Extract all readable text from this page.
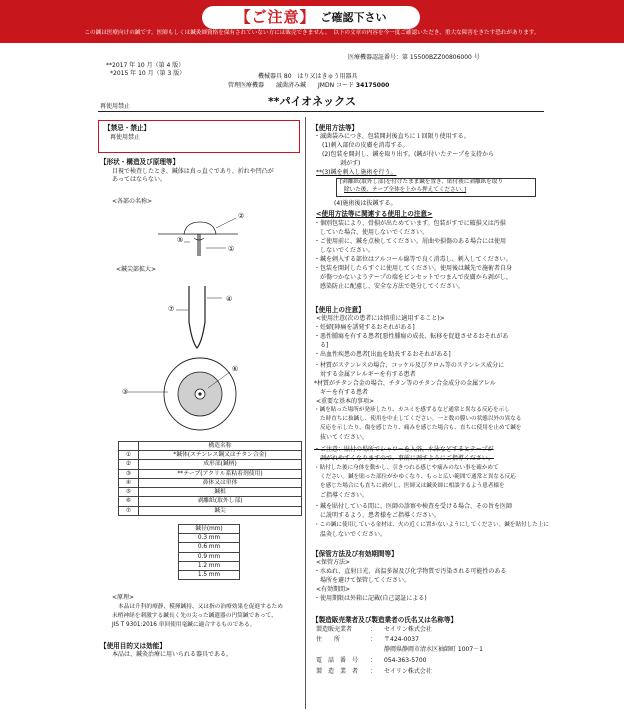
【ご注意】 ご確認下さい
この鍼は医療向けの鍼です。医師もしくは鍼灸師資格を保有されていない方には販売できません。　以下の文章の内容を今一度ご確認いただき、重大な障害をきたす恐れがあります。
医療機器認証番号：第 15500BZZ00806000 号
**2017 年 10 月（第 4 版）
*2015 年 10 月（第 3 版）	機械器具 80　はり又はきゅう用器具
管理医療機器　　滅菌済み鍼　　JMDN コード 34175000
再使用禁止	**パイオネックス
【禁忌・禁止】
再使用禁止
【形状・構造及び原理等】
目視で検査したとき、鍼体は真っ直ぐであり、折れや凹凸が
あってはならない。
<各部の名称>
②
⑤
①
<鍼尖部拡大>
④
⑦
③
⑥
	構造名称
①	*鍼体(ステンレス鋼又はチタン合金)
②	成形部(鍼柄)
③	**テープ(アクリル系粘着剤使用)
④	鼻体又は単体
⑤	鍼根
⑥	剥離紙(取外し部)
⑦	鍼尖
鍼径(mm)
0.3 mm
0.6 mm
0.9 mm
1.2 mm
1.5 mm
<原理>
本品は升科的療静、模揮鍼持、又は指の治療効果を促進するため
未梢神経を刺激する鍼長く先の尖った鍼遺器の円筒鍼であって、
JIS T 9301:2016 単回使用毫鍼に適合するものである。
【使用目的又は効能】
本品は、鍼灸治療に用いられる器具である。
【使用方法等】
・滅菌袋みにつき、包装開封後直ちに１回限り使用する。
(1)刺入部位の皮膚を消毒する。
(2)包装を開封し、鍼を取り出す。(鍼が付いたテープを支持から
剥がす)
**(3)鍼を刺入し施術を行う。
[剥離紙(取外し部)を付けたまま鍼を置き、貼付後に剥離紙を取り
除いた後、テープ全体を上から押えてください。]
(4)施術後は抜鍼する。
<使用方法等に関連する使用上の注意>
・個別包装により、骨損が出ためています。包装がすでに破損又は汚損
していた場合、使用しないでください。
・ご使用前に、鍼を点検してください。屑曲や損傷のある場合には使用
しないでください。
・鍼を刺入する部位はアルコール綿等で良く消毒し、刺入してください。
・包装を開封したらすぐに使用してください。使用後は鍼先で施術者自身
が傷つかないようテープの端をピンセットでつまんで皮膚から剥がし、
感染防止に配慮し、安全な方法で処分してください。
【使用上の注意】
<使用注意(次の患者には慎重に適用すること)>
・妊婦[陣痛を誘発するおそれがある]
・悪性腫瘍を有する患者[悪性腫瘍の成長、転移を促進させるおそれがあ
る]
・出血性疾患の患者[出血を助長するおそれがある]
・材質がステンレスの場合、コッケル及びクロム等のステンレス成分に
対する金属アレルギーを有する患者
*材質がチタン合金の場合、チタン等のチタン合金成分の金属アレル
ギーを有する患者
<重要な基本的事項>
・鍼を貼った場所が発疹したり、カユミを感ずるなど通常と異なる反応を示し
た時直ちに抜鍼し、使用を中止してください。一と数の膜いの状態以外の異なる
反応を示したり、傷を感じたり、痛みを感じた場合も、直ちに使用を止めて鍼を
抜いてください。
・ご注意：貼付の場所でシャワーを入浴、水泳などするとテープが
剥がれやすくなりますので、事前に剥すようにご指導ください。
・貼付した後に身体を動かし、引きつれる感じや痛みのない事を確かめて
ください。鍼を貼った部位がかゆくなり、もっと広い範囲で通常と異なる反応
を感じた場合にも直ちに剥がし、医師又は鍼灸師に相談するよう患者様を
ご指導ください。
・鍼を貼付している間に、医師の診察や検査を受ける場合、その旨を医師
に説明するよう、患者様をご指導ください。
・この鍼に使用している金材は、火の近くに置かないようにしてください。鍼を貼付した上に
温灸しないでください。
【保管方法及び有効期間等】
<保管方法>
・水ぬれ、直射日光、高温多湿及び化学物質で汚染される可能性のある
場所を避けて保管してください。
<有効期間>
・使用期限は外箱に記載(自己認証による)
【製造販売業者及び製造業者の氏名又は名称等】
製造販売業者	： セイリン株式会社
住　　所	： 〒424-0037
静岡県静岡市清水区袖師町 1007－1
電　話　番　号 ： 054-363-5700
製　造　業　者 ： セイリン株式会社
